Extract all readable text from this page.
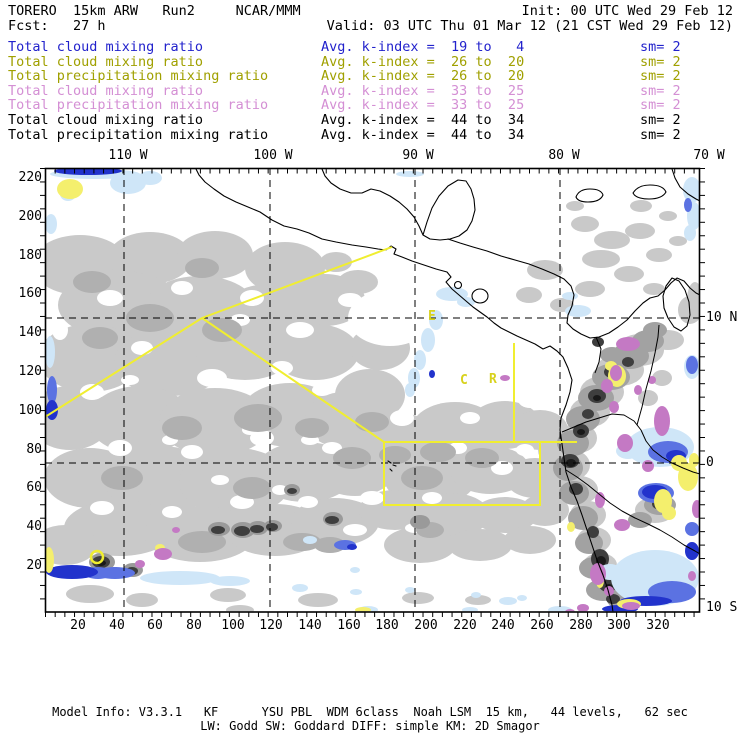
TORERO  15km ARW   Run2     NCAR/MMM	Init: 00 UTC Wed 29 Feb 12
Fcst:   27 h	Valid: 03 UTC Thu 01 Mar 12 (21 CST Wed 29 Feb 12)
Total cloud mixing ratio	Avg. k-index =  19 to   4	sm= 2
Total cloud mixing ratio	Avg. k-index =  26 to  20	sm= 2
Total precipitation mixing ratio	Avg. k-index =  26 to  20	sm= 2
Total cloud mixing ratio	Avg. k-index =  33 to  25	sm= 2
Total precipitation mixing ratio	Avg. k-index =  33 to  25	sm= 2
Total cloud mixing ratio	Avg. k-index =  44 to  34	sm= 2
Total precipitation mixing ratio	Avg. k-index =  44 to  34	sm= 2
E
C R
110 W	100 W	90 W	80 W	70 W
10 N
0
10 S
220
200
180
160
140
120
100
80
60
40
20
20	40	60	80	100	120	140	160	180	200	220	240	260	280	300	320
Model Info: V3.3.1   KF      YSU PBL  WDM 6class  Noah LSM  15 km,   44 levels,   62 sec
LW: Godd SW: Goddard DIFF: simple KM: 2D Smagor
